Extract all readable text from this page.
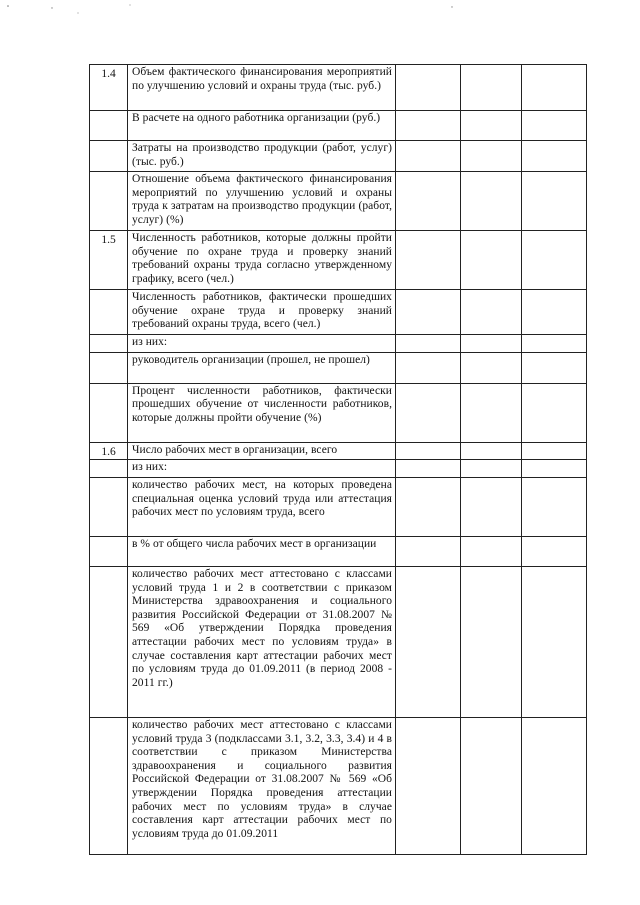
1.4	Объем фактического финансирования мероприятий по улучшению условий и охраны труда (тыс. руб.)			

	В расчете на одного работника организации (руб.)			

	Затраты на производство продукции (работ, услуг) (тыс. руб.)			

	Отношение объема фактического финансирования мероприятий по улучшению условий и охраны труда к затратам на производство продукции (работ, услуг) (%)			

1.5	Численность работников, которые должны пройти обучение по охране труда и проверку знаний требований охраны труда согласно утвержденному графику, всего (чел.)			

	Численность работников, фактически прошедших обучение охране труда и проверку знаний требований охраны труда, всего (чел.)			

	из них:			

	руководитель организации (прошел, не прошел)			

	Процент численности работников, фактически прошедших обучение от численности работников, которые должны пройти обучение (%)			

1.6	Число рабочих мест в организации, всего			

	из них:			

	количество рабочих мест, на которых проведена специальная оценка условий труда или аттестация рабочих мест по условиям труда, всего			

	в % от общего числа рабочих мест в организации			

	количество рабочих мест аттестовано с классами условий труда 1 и 2 в соответствии с приказом Министерства здравоохранения и социального развития Российской Федерации от 31.08.2007 № 569 «Об утверждении Порядка проведения аттестации рабочих мест по условиям труда» в случае составления карт аттестации рабочих мест по условиям труда до 01.09.2011 (в период 2008 - 2011 гг.)			

	количество рабочих мест аттестовано с классами условий труда 3 (подклассами 3.1, 3.2, 3.3, 3.4) и 4 в соответствии с приказом Министерства здравоохранения и социального развития Российской Федерации от 31.08.2007 № 569 «Об утверждении Порядка проведения аттестации рабочих мест по условиям труда» в случае составления карт аттестации рабочих мест по условиям труда до 01.09.2011			
